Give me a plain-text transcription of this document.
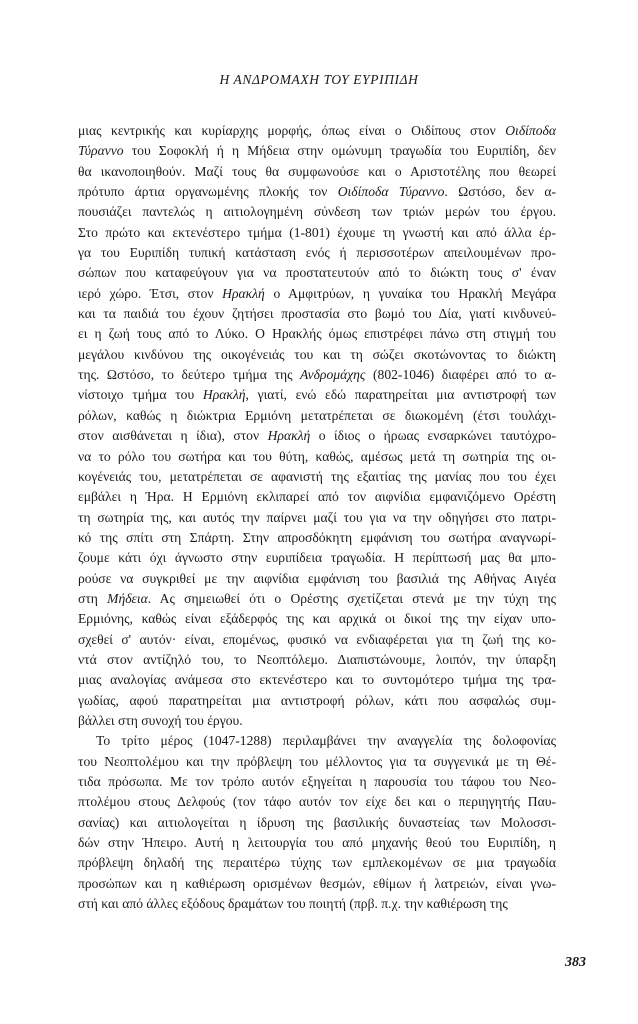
Η ΑΝΔΡΟΜΑΧΗ ΤΟΥ ΕΥΡΙΠΙΔΗ
μιας κεντρικής και κυρίαρχης μορφής, όπως είναι ο Οιδίπους στον Οιδίποδα
Τύραννο του Σοφοκλή ή η Μήδεια στην ομώνυμη τραγωδία του Ευριπίδη, δεν
θα ικανοποιηθούν. Μαζί τους θα συμφωνούσε και ο Αριστοτέλης που θεωρεί
πρότυπο άρτια οργανωμένης πλοκής τον Οιδίποδα Τύραννο. Ωστόσο, δεν α-
πουσιάζει παντελώς η αιτιολογημένη σύνδεση των τριών μερών του έργου.
Στο πρώτο και εκτενέστερο τμήμα (1-801) έχουμε τη γνωστή και από άλλα έρ-
γα του Ευριπίδη τυπική κατάσταση ενός ή περισσοτέρων απειλουμένων προ-
σώπων που καταφεύγουν για να προστατευτούν από το διώκτη τους σ' έναν
ιερό χώρο. Έτσι, στον Ηρακλή ο Αμφιτρύων, η γυναίκα του Ηρακλή Μεγάρα
και τα παιδιά του έχουν ζητήσει προστασία στο βωμό του Δία, γιατί κινδυνεύ-
ει η ζωή τους από το Λύκο. Ο Ηρακλής όμως επιστρέφει πάνω στη στιγμή του
μεγάλου κινδύνου της οικογένειάς του και τη σώζει σκοτώνοντας το διώκτη
της. Ωστόσο, το δεύτερο τμήμα της Ανδρομάχης (802-1046) διαφέρει από το α-
νίστοιχο τμήμα του Ηρακλή, γιατί, ενώ εδώ παρατηρείται μια αντιστροφή των
ρόλων, καθώς η διώκτρια Ερμιόνη μετατρέπεται σε διωκομένη (έτσι τουλάχι-
στον αισθάνεται η ίδια), στον Ηρακλή ο ίδιος ο ήρωας ενσαρκώνει ταυτόχρο-
να το ρόλο του σωτήρα και του θύτη, καθώς, αμέσως μετά τη σωτηρία της οι-
κογένειάς του, μετατρέπεται σε αφανιστή της εξαιτίας της μανίας που του έχει
εμβάλει η Ήρα. Η Ερμιόνη εκλιπαρεί από τον αιφνίδια εμφανιζόμενο Ορέστη
τη σωτηρία της, και αυτός την παίρνει μαζί του για να την οδηγήσει στο πατρι-
κό της σπίτι στη Σπάρτη. Στην απροσδόκητη εμφάνιση του σωτήρα αναγνωρί-
ζουμε κάτι όχι άγνωστο στην ευριπίδεια τραγωδία. Η περίπτωσή μας θα μπο-
ρούσε να συγκριθεί με την αιφνίδια εμφάνιση του βασιλιά της Αθήνας Αιγέα
στη Μήδεια. Ας σημειωθεί ότι ο Ορέστης σχετίζεται στενά με την τύχη της
Ερμιόνης, καθώς είναι εξάδερφός της και αρχικά οι δικοί της την είχαν υπο-
σχεθεί σ' αυτόν· είναι, επομένως, φυσικό να ενδιαφέρεται για τη ζωή της κο-
ντά στον αντίζηλό του, το Νεοπτόλεμο. Διαπιστώνουμε, λοιπόν, την ύπαρξη
μιας αναλογίας ανάμεσα στο εκτενέστερο και το συντομότερο τμήμα της τρα-
γωδίας, αφού παρατηρείται μια αντιστροφή ρόλων, κάτι που ασφαλώς συμ-
βάλλει στη συνοχή του έργου.
Το τρίτο μέρος (1047-1288) περιλαμβάνει την αναγγελία της δολοφονίας
του Νεοπτολέμου και την πρόβλεψη του μέλλοντος για τα συγγενικά με τη Θέ-
τιδα πρόσωπα. Με τον τρόπο αυτόν εξηγείται η παρουσία του τάφου του Νεο-
πτολέμου στους Δελφούς (τον τάφο αυτόν τον είχε δει και ο περιηγητής Παυ-
σανίας) και αιτιολογείται η ίδρυση της βασιλικής δυναστείας των Μολοσσι-
δών στην Ήπειρο. Αυτή η λειτουργία του από μηχανής θεού του Ευριπίδη, η
πρόβλεψη δηλαδή της περαιτέρω τύχης των εμπλεκομένων σε μια τραγωδία
προσώπων και η καθιέρωση ορισμένων θεσμών, εθίμων ή λατρειών, είναι γνω-
στή και από άλλες εξόδους δραμάτων του ποιητή (πρβ. π.χ. την καθιέρωση της
383
